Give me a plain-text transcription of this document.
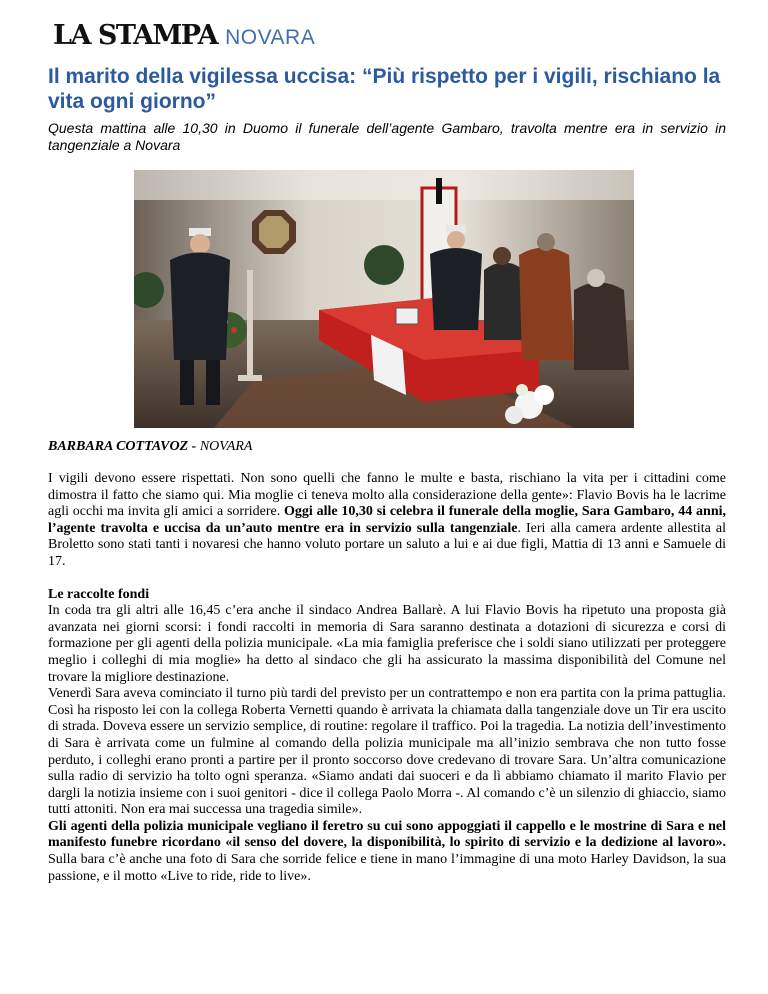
LA STAMPA NOVARA
Il marito della vigilessa uccisa: “Più rispetto per i vigili, rischiano la vita ogni giorno”

Questa mattina alle 10,30 in Duomo il funerale dell’agente Gambaro, travolta mentre era in servizio in tangenziale a Novara

BARBARA COTTAVOZ - NOVARA

I vigili devono essere rispettati. Non sono quelli che fanno le multe e basta, rischiano la vita per i cittadini come dimostra il fatto che siamo qui. Mia moglie ci teneva molto alla considerazione della gente»: Flavio Bovis ha le lacrime agli occhi ma invita gli amici a sorridere. Oggi alle 10,30 si celebra il funerale della moglie, Sara Gambaro, 44 anni, l’agente travolta e uccisa da un’auto mentre era in servizio sulla tangenziale. Ieri alla camera ardente allestita al Broletto sono stati tanti i novaresi che hanno voluto portare un saluto a lui e ai due figli, Mattia di 13 anni e Samuele di 17.

Le raccolte fondi

In coda tra gli altri alle 16,45 c’era anche il sindaco Andrea Ballarè. A lui Flavio Bovis ha ripetuto una proposta già avanzata nei giorni scorsi: i fondi raccolti in memoria di Sara saranno destinata a dotazioni di sicurezza e corsi di formazione per gli agenti della polizia municipale. «La mia famiglia preferisce che i soldi siano utilizzati per proteggere meglio i colleghi di mia moglie» ha detto al sindaco che gli ha assicurato la massima disponibilità del Comune nel trovare la migliore destinazione.

Venerdì Sara aveva cominciato il turno più tardi del previsto per un contrattempo e non era partita con la prima pattuglia. Così ha risposto lei con la collega Roberta Vernetti quando è arrivata la chiamata dalla tangenziale dove un Tir era uscito di strada. Doveva essere un servizio semplice, di routine: regolare il traffico. Poi la tragedia. La notizia dell’investimento di Sara è arrivata come un fulmine al comando della polizia municipale ma all’inizio sembrava che non tutto fosse perduto, i colleghi erano pronti a partire per il pronto soccorso dove credevano di trovare Sara. Un’altra comunicazione sulla radio di servizio ha tolto ogni speranza. «Siamo andati dai suoceri e da lì abbiamo chiamato il marito Flavio per dargli la notizia insieme con i suoi genitori - dice il collega Paolo Morra -. Al comando c’è un silenzio di ghiaccio, siamo tutti attoniti. Non era mai successa una tragedia simile».

Gli agenti della polizia municipale vegliano il feretro su cui sono appoggiati il cappello e le mostrine di Sara e nel manifesto funebre ricordano «il senso del dovere, la disponibilità, lo spirito di servizio e la dedizione al lavoro». Sulla bara c’è anche una foto di Sara che sorride felice e tiene in mano l’immagine di una moto Harley Davidson, la sua passione, e il motto «Live to ride, ride to live».
